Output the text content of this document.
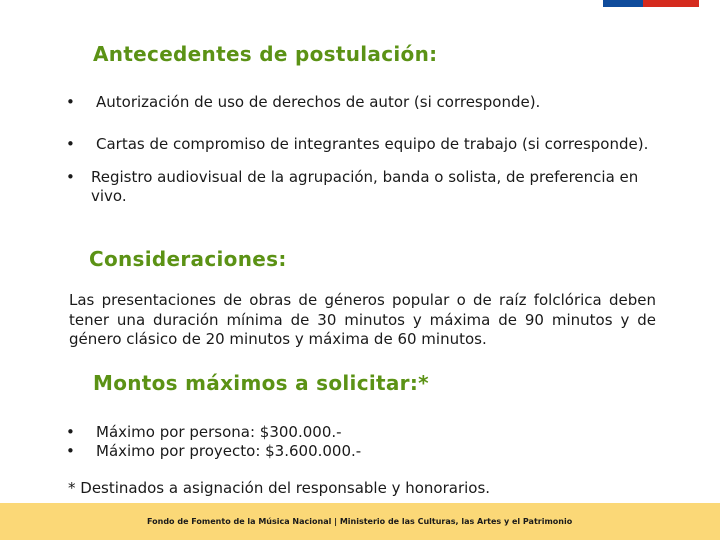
Antecedentes de postulación:
• Autorización de uso de derechos de autor (si corresponde).
• Cartas de compromiso de integrantes equipo de trabajo (si corresponde).
• Registro audiovisual de la agrupación, banda o solista, de preferencia en vivo.
Consideraciones:

Las presentaciones de obras de géneros popular o de raíz folclórica deben tener una duración mínima de 30 minutos y máxima de 90 minutos y de género clásico de 20 minutos y máxima de 60 minutos.

Montos máximos a solicitar:*
• Máximo por persona: $300.000.-
• Máximo por proyecto: $3.600.000.-

* Destinados a asignación del responsable y honorarios.

Fondo de Fomento de la Música Nacional | Ministerio de las Culturas, las Artes y el Patrimonio
